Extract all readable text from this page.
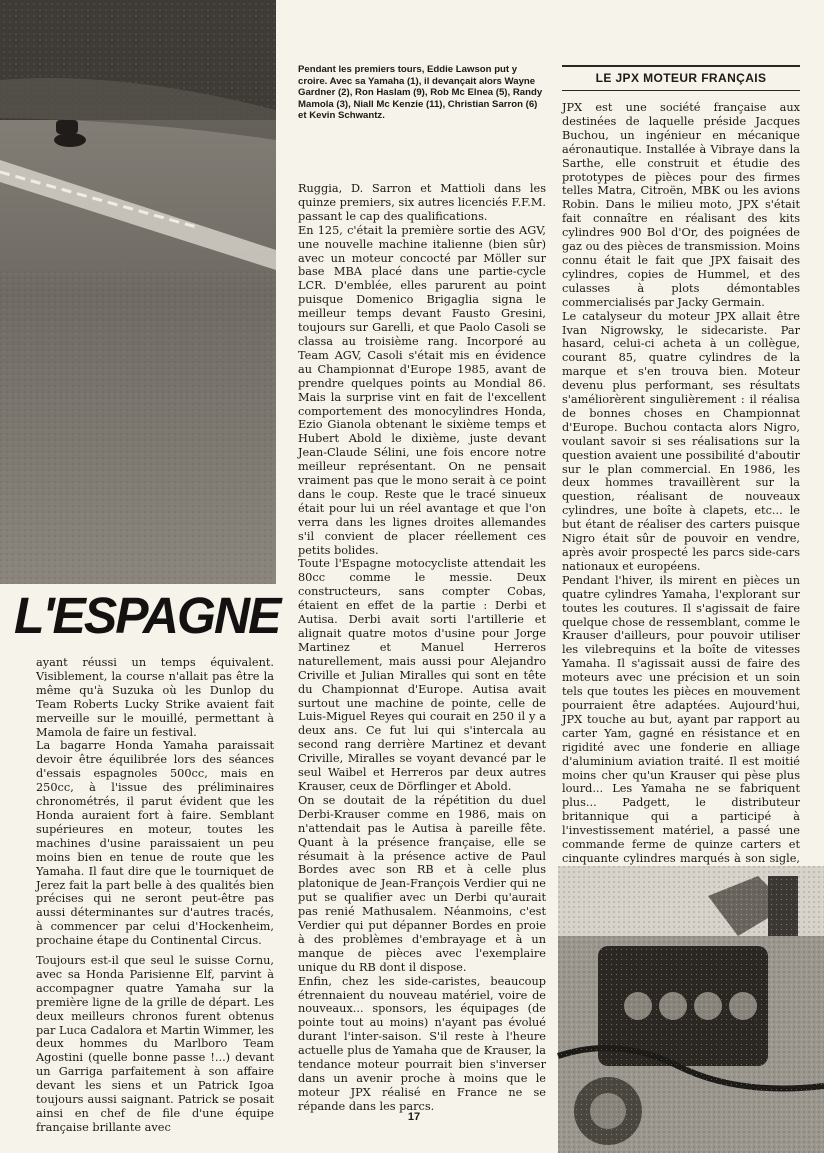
Pendant les premiers tours, Eddie Lawson put y croire. Avec sa Yamaha (1), il devançait alors Wayne Gardner (2), Ron Haslam (9), Rob Mc Elnea (5), Randy Mamola (3), Niall Mc Kenzie (11), Christian Sarron (6) et Kevin Schwantz.
LE JPX MOTEUR FRANÇAIS
L'ESPAGNE

ayant réussi un temps équivalent. Visiblement, la course n'allait pas être la même qu'à Suzuka où les Dunlop du Team Roberts Lucky Strike avaient fait merveille sur le mouillé, permettant à Mamola de faire un festival.

La bagarre Honda Yamaha paraissait devoir être équilibrée lors des séances d'essais espagnoles 500cc, mais en 250cc, à l'issue des préliminaires chronométrés, il parut évident que les Honda auraient fort à faire. Semblant supérieures en moteur, toutes les machines d'usine paraissaient un peu moins bien en tenue de route que les Yamaha. Il faut dire que le tourniquet de Jerez fait la part belle à des qualités bien précises qui ne seront peut-être pas aussi déterminantes sur d'autres tracés, à commencer par celui d'Hockenheim, prochaine étape du Continental Circus.

Toujours est-il que seul le suisse Cornu, avec sa Honda Parisienne Elf, parvint à accompagner quatre Yamaha sur la première ligne de la grille de départ. Les deux meilleurs chronos furent obtenus par Luca Cadalora et Martin Wimmer, les deux hommes du Marlboro Team Agostini (quelle bonne passe !...) devant un Garriga parfaitement à son affaire devant les siens et un Patrick Igoa toujours aussi saignant. Patrick se posait ainsi en chef de file d'une équipe française brillante avec

Ruggia, D. Sarron et Mattioli dans les quinze premiers, six autres licenciés F.F.M. passant le cap des qualifications.

En 125, c'était la première sortie des AGV, une nouvelle machine italienne (bien sûr) avec un moteur concocté par Möller sur base MBA placé dans une partie-cycle LCR. D'emblée, elles parurent au point puisque Domenico Brigaglia signa le meilleur temps devant Fausto Gresini, toujours sur Garelli, et que Paolo Casoli se classa au troisième rang. Incorporé au Team AGV, Casoli s'était mis en évidence au Championnat d'Europe 1985, avant de prendre quelques points au Mondial 86. Mais la surprise vint en fait de l'excellent comportement des monocylindres Honda, Ezio Gianola obtenant le sixième temps et Hubert Abold le dixième, juste devant Jean-Claude Sélini, une fois encore notre meilleur représentant. On ne pensait vraiment pas que le mono serait à ce point dans le coup. Reste que le tracé sinueux était pour lui un réel avantage et que l'on verra dans les lignes droites allemandes s'il convient de placer réellement ces petits bolides.

Toute l'Espagne motocycliste attendait les 80cc comme le messie. Deux constructeurs, sans compter Cobas, étaient en effet de la partie : Derbi et Autisa. Derbi avait sorti l'artillerie et alignait quatre motos d'usine pour Jorge Martinez et Manuel Herreros naturellement, mais aussi pour Alejandro Criville et Julian Miralles qui sont en tête du Championnat d'Europe. Autisa avait surtout une machine de pointe, celle de Luis-Miguel Reyes qui courait en 250 il y a deux ans. Ce fut lui qui s'intercala au second rang derrière Martinez et devant Criville, Miralles se voyant devancé par le seul Waibel et Herreros par deux autres Krauser, ceux de Dörflinger et Abold.

On se doutait de la répétition du duel Derbi-Krauser comme en 1986, mais on n'attendait pas le Autisa à pareille fête. Quant à la présence française, elle se résumait à la présence active de Paul Bordes avec son RB et à celle plus platonique de Jean-François Verdier qui ne put se qualifier avec un Derbi qu'aurait pas renié Mathusalem. Néanmoins, c'est Verdier qui put dépanner Bordes en proie à des problèmes d'embrayage et à un manque de pièces avec l'exemplaire unique du RB dont il dispose.

Enfin, chez les side-caristes, beaucoup étrennaient du nouveau matériel, voire de nouveaux... sponsors, les équipages (de pointe tout au moins) n'ayant pas évolué durant l'inter-saison. S'il reste à l'heure actuelle plus de Yamaha que de Krauser, la tendance moteur pourrait bien s'inverser dans un avenir proche à moins que le moteur JPX réalisé en France ne se répande dans les parcs.

JPX est une société française aux destinées de laquelle préside Jacques Buchou, un ingénieur en mécanique aéronautique. Installée à Vibraye dans la Sarthe, elle construit et étudie des prototypes de pièces pour des firmes telles Matra, Citroën, MBK ou les avions Robin. Dans le milieu moto, JPX s'était fait connaître en réalisant des kits cylindres 900 Bol d'Or, des poignées de gaz ou des pièces de transmission. Moins connu était le fait que JPX faisait des cylindres, copies de Hummel, et des culasses à plots démontables commercialisés par Jacky Germain.

Le catalyseur du moteur JPX allait être Ivan Nigrowsky, le sidecariste. Par hasard, celui-ci acheta à un collègue, courant 85, quatre cylindres de la marque et s'en trouva bien. Moteur devenu plus performant, ses résultats s'améliorèrent singulièrement : il réalisa de bonnes choses en Championnat d'Europe. Buchou contacta alors Nigro, voulant savoir si ses réalisations sur la question avaient une possibilité d'aboutir sur le plan commercial. En 1986, les deux hommes travaillèrent sur la question, réalisant de nouveaux cylindres, une boîte à clapets, etc... le but étant de réaliser des carters puisque Nigro était sûr de pouvoir en vendre, après avoir prospecté les parcs side-cars nationaux et européens.

Pendant l'hiver, ils mirent en pièces un quatre cylindres Yamaha, l'explorant sur toutes les coutures. Il s'agissait de faire quelque chose de ressemblant, comme le Krauser d'ailleurs, pour pouvoir utiliser les vilebrequins et la boîte de vitesses Yamaha. Il s'agissait aussi de faire des moteurs avec une précision et un soin tels que toutes les pièces en mouvement pourraient être adaptées. Aujourd'hui, JPX touche au but, ayant par rapport au carter Yam, gagné en résistance et en rigidité avec une fonderie en alliage d'aluminium aviation traité. Il est moitié moins cher qu'un Krauser qui pèse plus lourd... Les Yamaha ne se fabriquent plus... Padgett, le distributeur britannique qui a participé à l'investissement matériel, a passé une commande ferme de quinze carters et cinquante cylindres marqués à son sigle,

17
